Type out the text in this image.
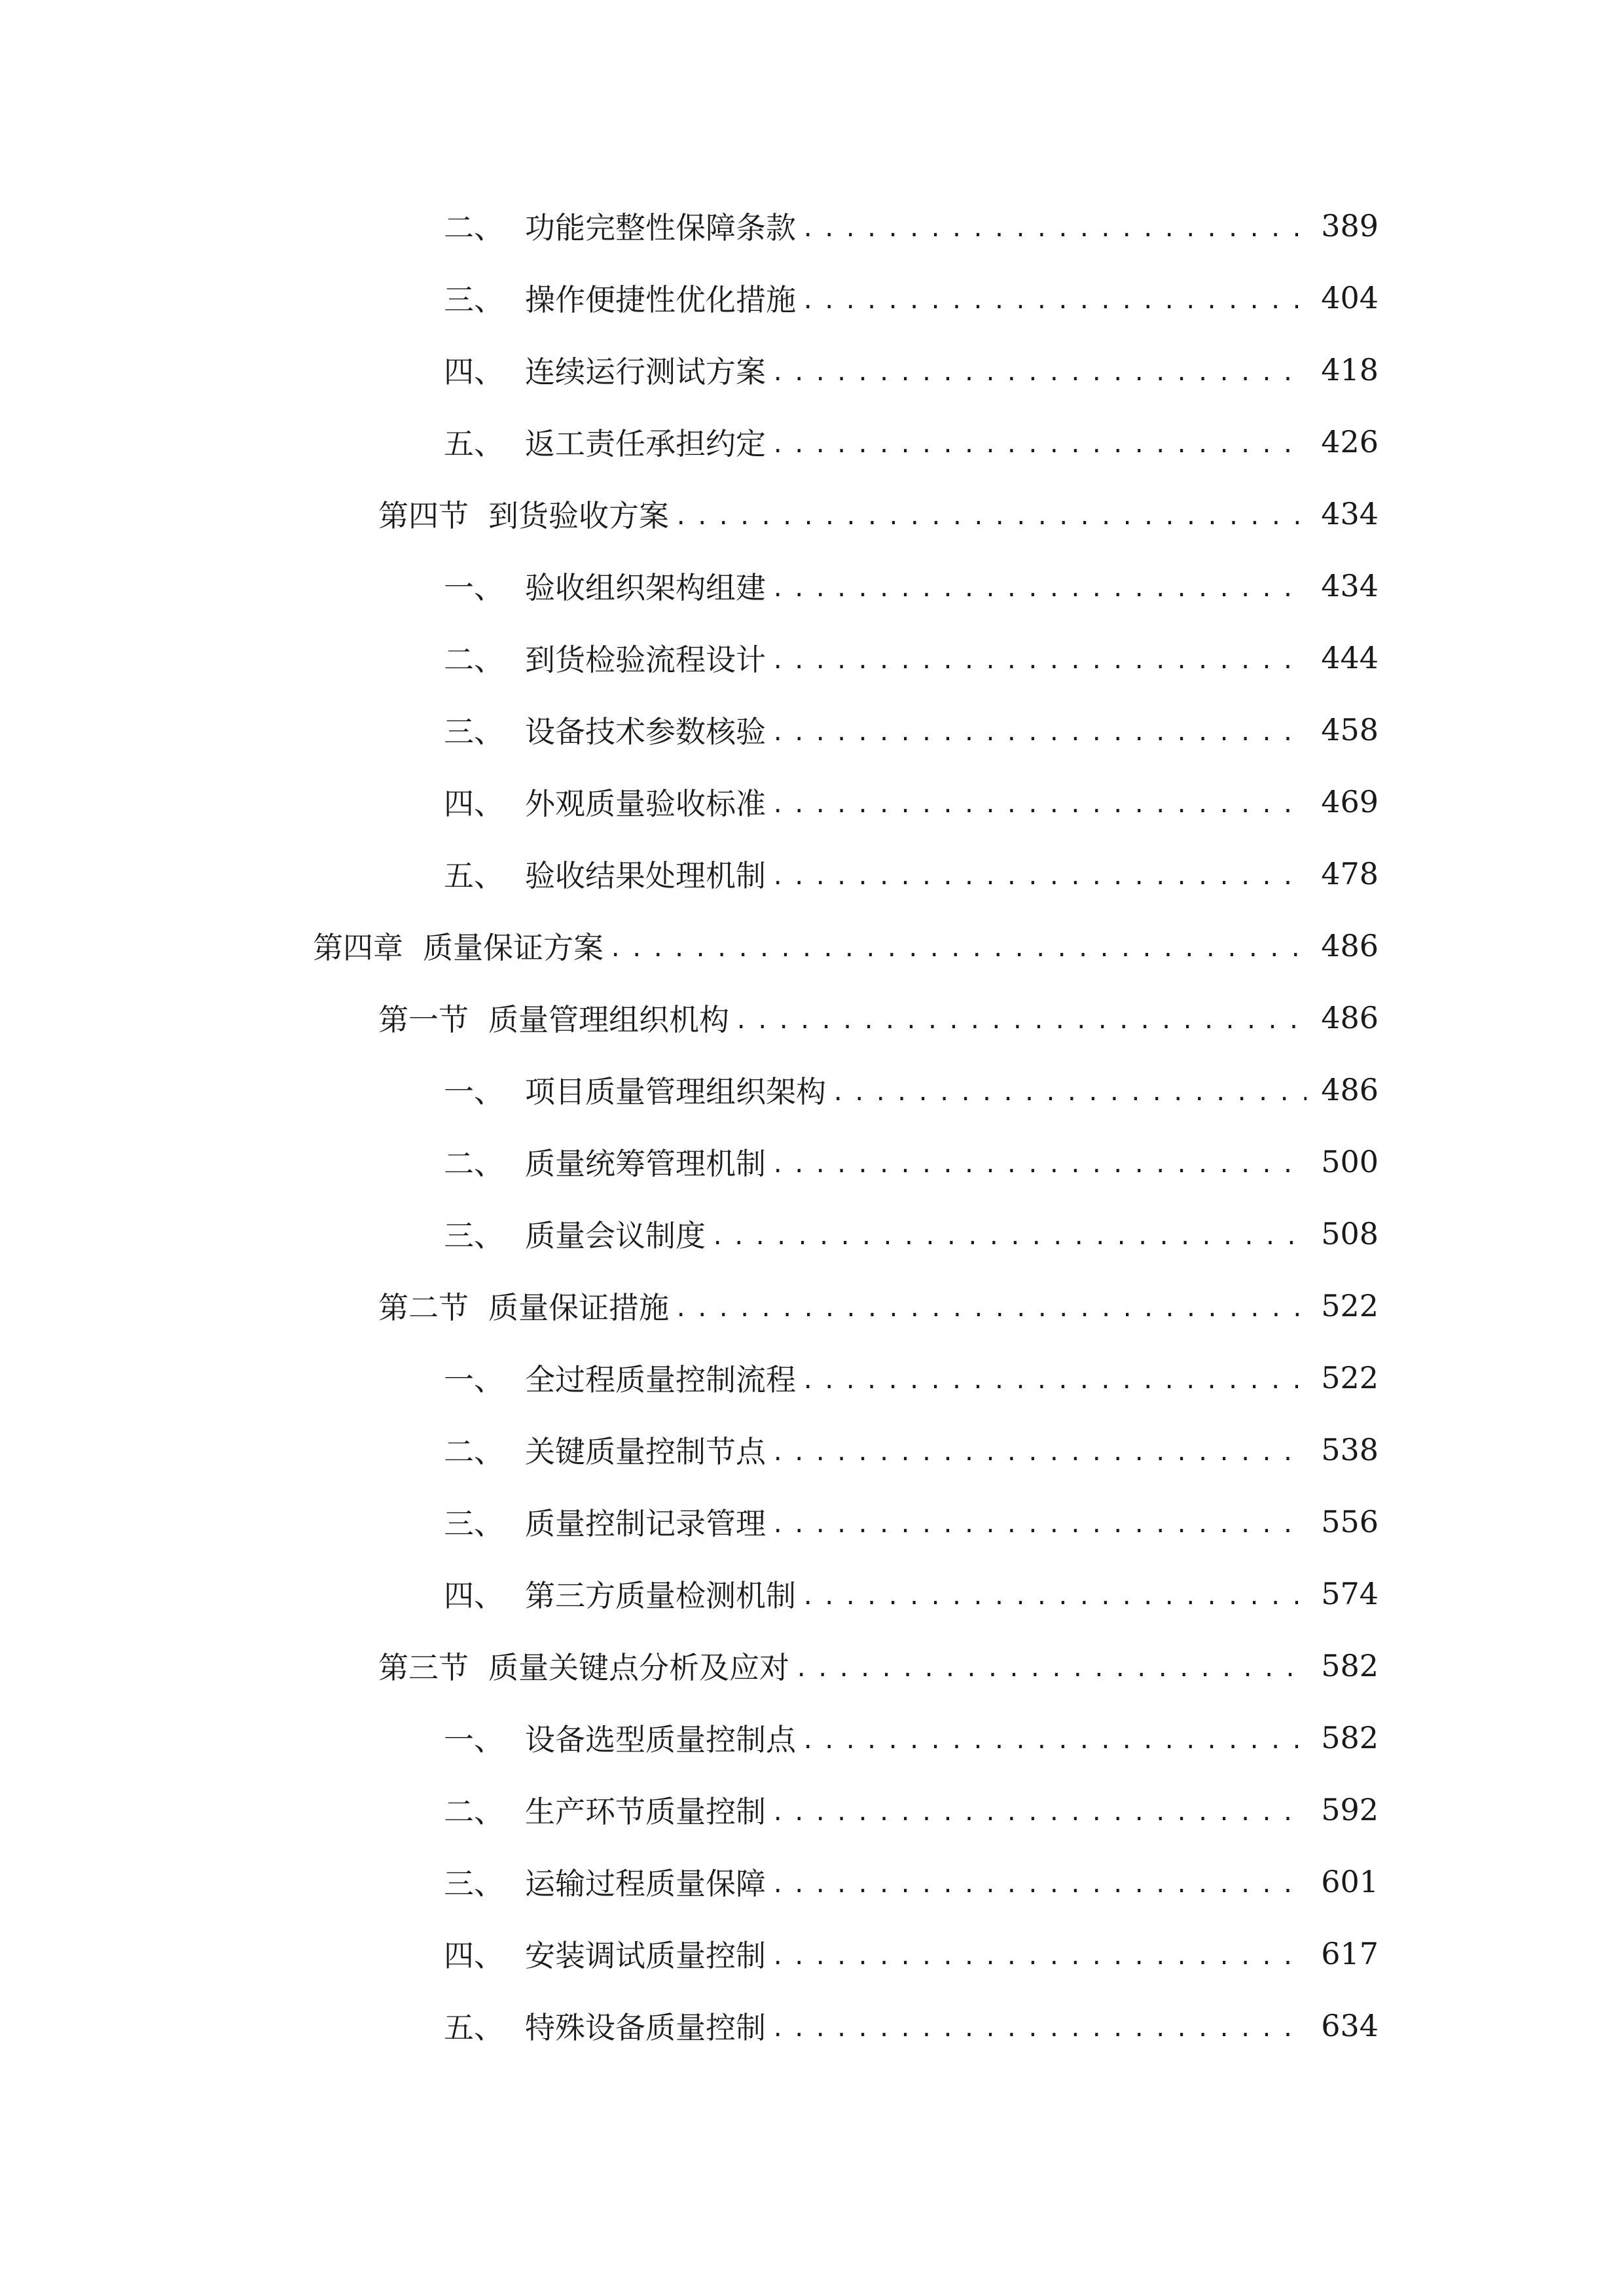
二、 功能完整性保障条款 .....	389
三、 操作便捷性优化措施 .....	404
四、 连续运行测试方案 .....	418
五、 返工责任承担约定 .....	426
第四节 到货验收方案 .....	434
一、 验收组织架构组建 .....	434
二、 到货检验流程设计 .....	444
三、 设备技术参数核验 .....	458
四、 外观质量验收标准 .....	469
五、 验收结果处理机制 .....	478
第四章 质量保证方案 .....	486
第一节 质量管理组织机构 .....	486
一、 项目质量管理组织架构 .....	486
二、 质量统筹管理机制 .....	500
三、 质量会议制度 .....	508
第二节 质量保证措施 .....	522
一、 全过程质量控制流程 .....	522
二、 关键质量控制节点 .....	538
三、 质量控制记录管理 .....	556
四、 第三方质量检测机制 .....	574
第三节 质量关键点分析及应对 .....	582
一、 设备选型质量控制点 .....	582
二、 生产环节质量控制 .....	592
三、 运输过程质量保障 .....	601
四、 安装调试质量控制 .....	617
五、 特殊设备质量控制 .....	634
